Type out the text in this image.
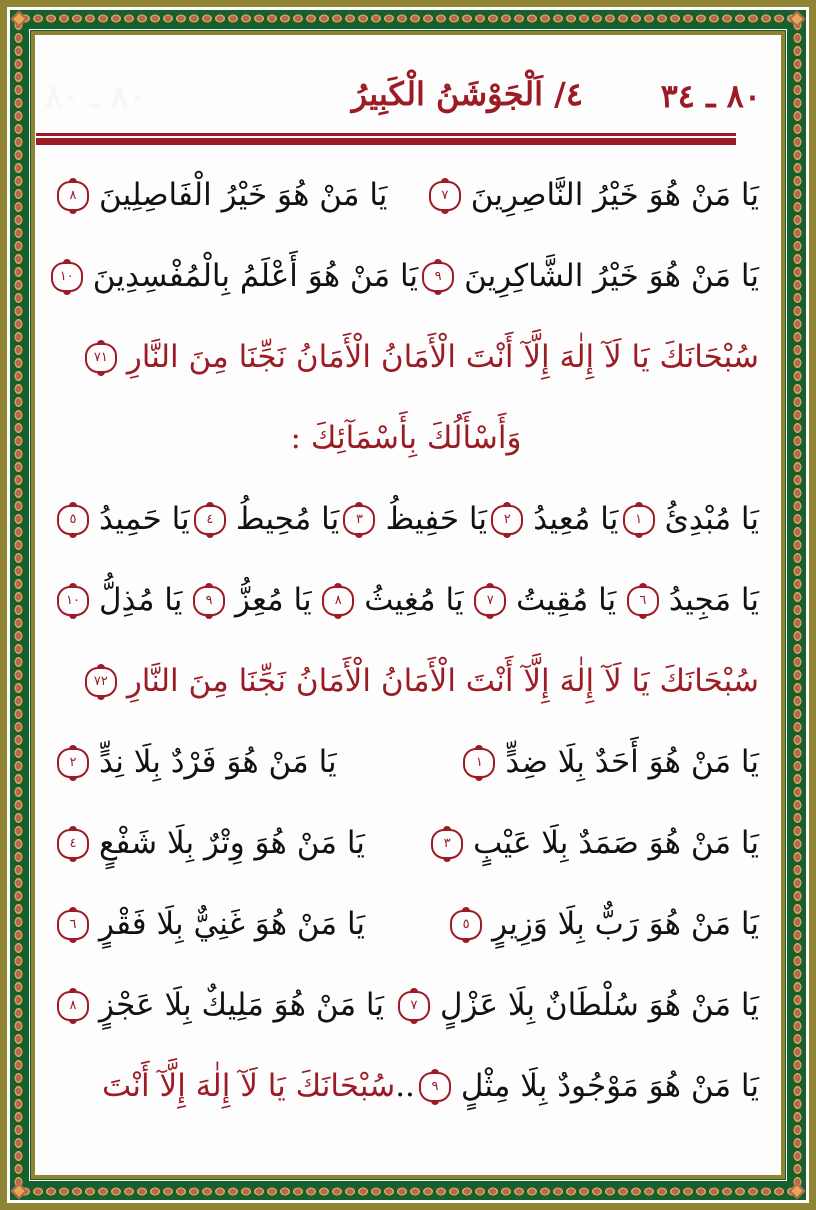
٨٠ ـ ٣٤
٤/ اَلْجَوْشَنُ الْكَبِيرُ
٨٠ ـ ٨٠
يَا مَنْ هُوَ خَيْرُ النَّاصِرِينَ
٧
يَا مَنْ هُوَ خَيْرُ الْفَاصِلِينَ
٨
يَا مَنْ هُوَ خَيْرُ الشَّاكِرِينَ
٩
يَا مَنْ هُوَ أَعْلَمُ بِالْمُفْسِدِينَ
١٠
سُبْحَانَكَ يَا لَآ إِلٰهَ إِلَّآ أَنْتَ الْأَمَانُ الْأَمَانُ نَجِّنَا مِنَ النَّارِ
٧١
وَأَسْأَلُكَ بِأَسْمَآئِكَ :
يَا مُبْدِئُ
١
يَا مُعِيدُ
٢
يَا حَفِيظُ
٣
يَا مُحِيطُ
٤
يَا حَمِيدُ
٥
يَا مَجِيدُ
٦
يَا مُقِيتُ
٧
يَا مُغِيثُ
٨
يَا مُعِزُّ
٩
يَا مُذِلُّ
١٠
سُبْحَانَكَ يَا لَآ إِلٰهَ إِلَّآ أَنْتَ الْأَمَانُ الْأَمَانُ نَجِّنَا مِنَ النَّارِ
٧٢
يَا مَنْ هُوَ أَحَدٌ بِلَا ضِدٍّ
١
يَا مَنْ هُوَ فَرْدٌ بِلَا نِدٍّ
٢
يَا مَنْ هُوَ صَمَدٌ بِلَا عَيْبٍ
٣
يَا مَنْ هُوَ وِتْرٌ بِلَا شَفْعٍ
٤
يَا مَنْ هُوَ رَبٌّ بِلَا وَزِيرٍ
٥
يَا مَنْ هُوَ غَنِيٌّ بِلَا فَقْرٍ
٦
يَا مَنْ هُوَ سُلْطَانٌ بِلَا عَزْلٍ
٧
يَا مَنْ هُوَ مَلِيكٌ بِلَا عَجْزٍ
٨
يَا مَنْ هُوَ مَوْجُودٌ بِلَا مِثْلٍ
٩
..
سُبْحَانَكَ يَا لَآ إِلٰهَ إِلَّآ أَنْتَ
